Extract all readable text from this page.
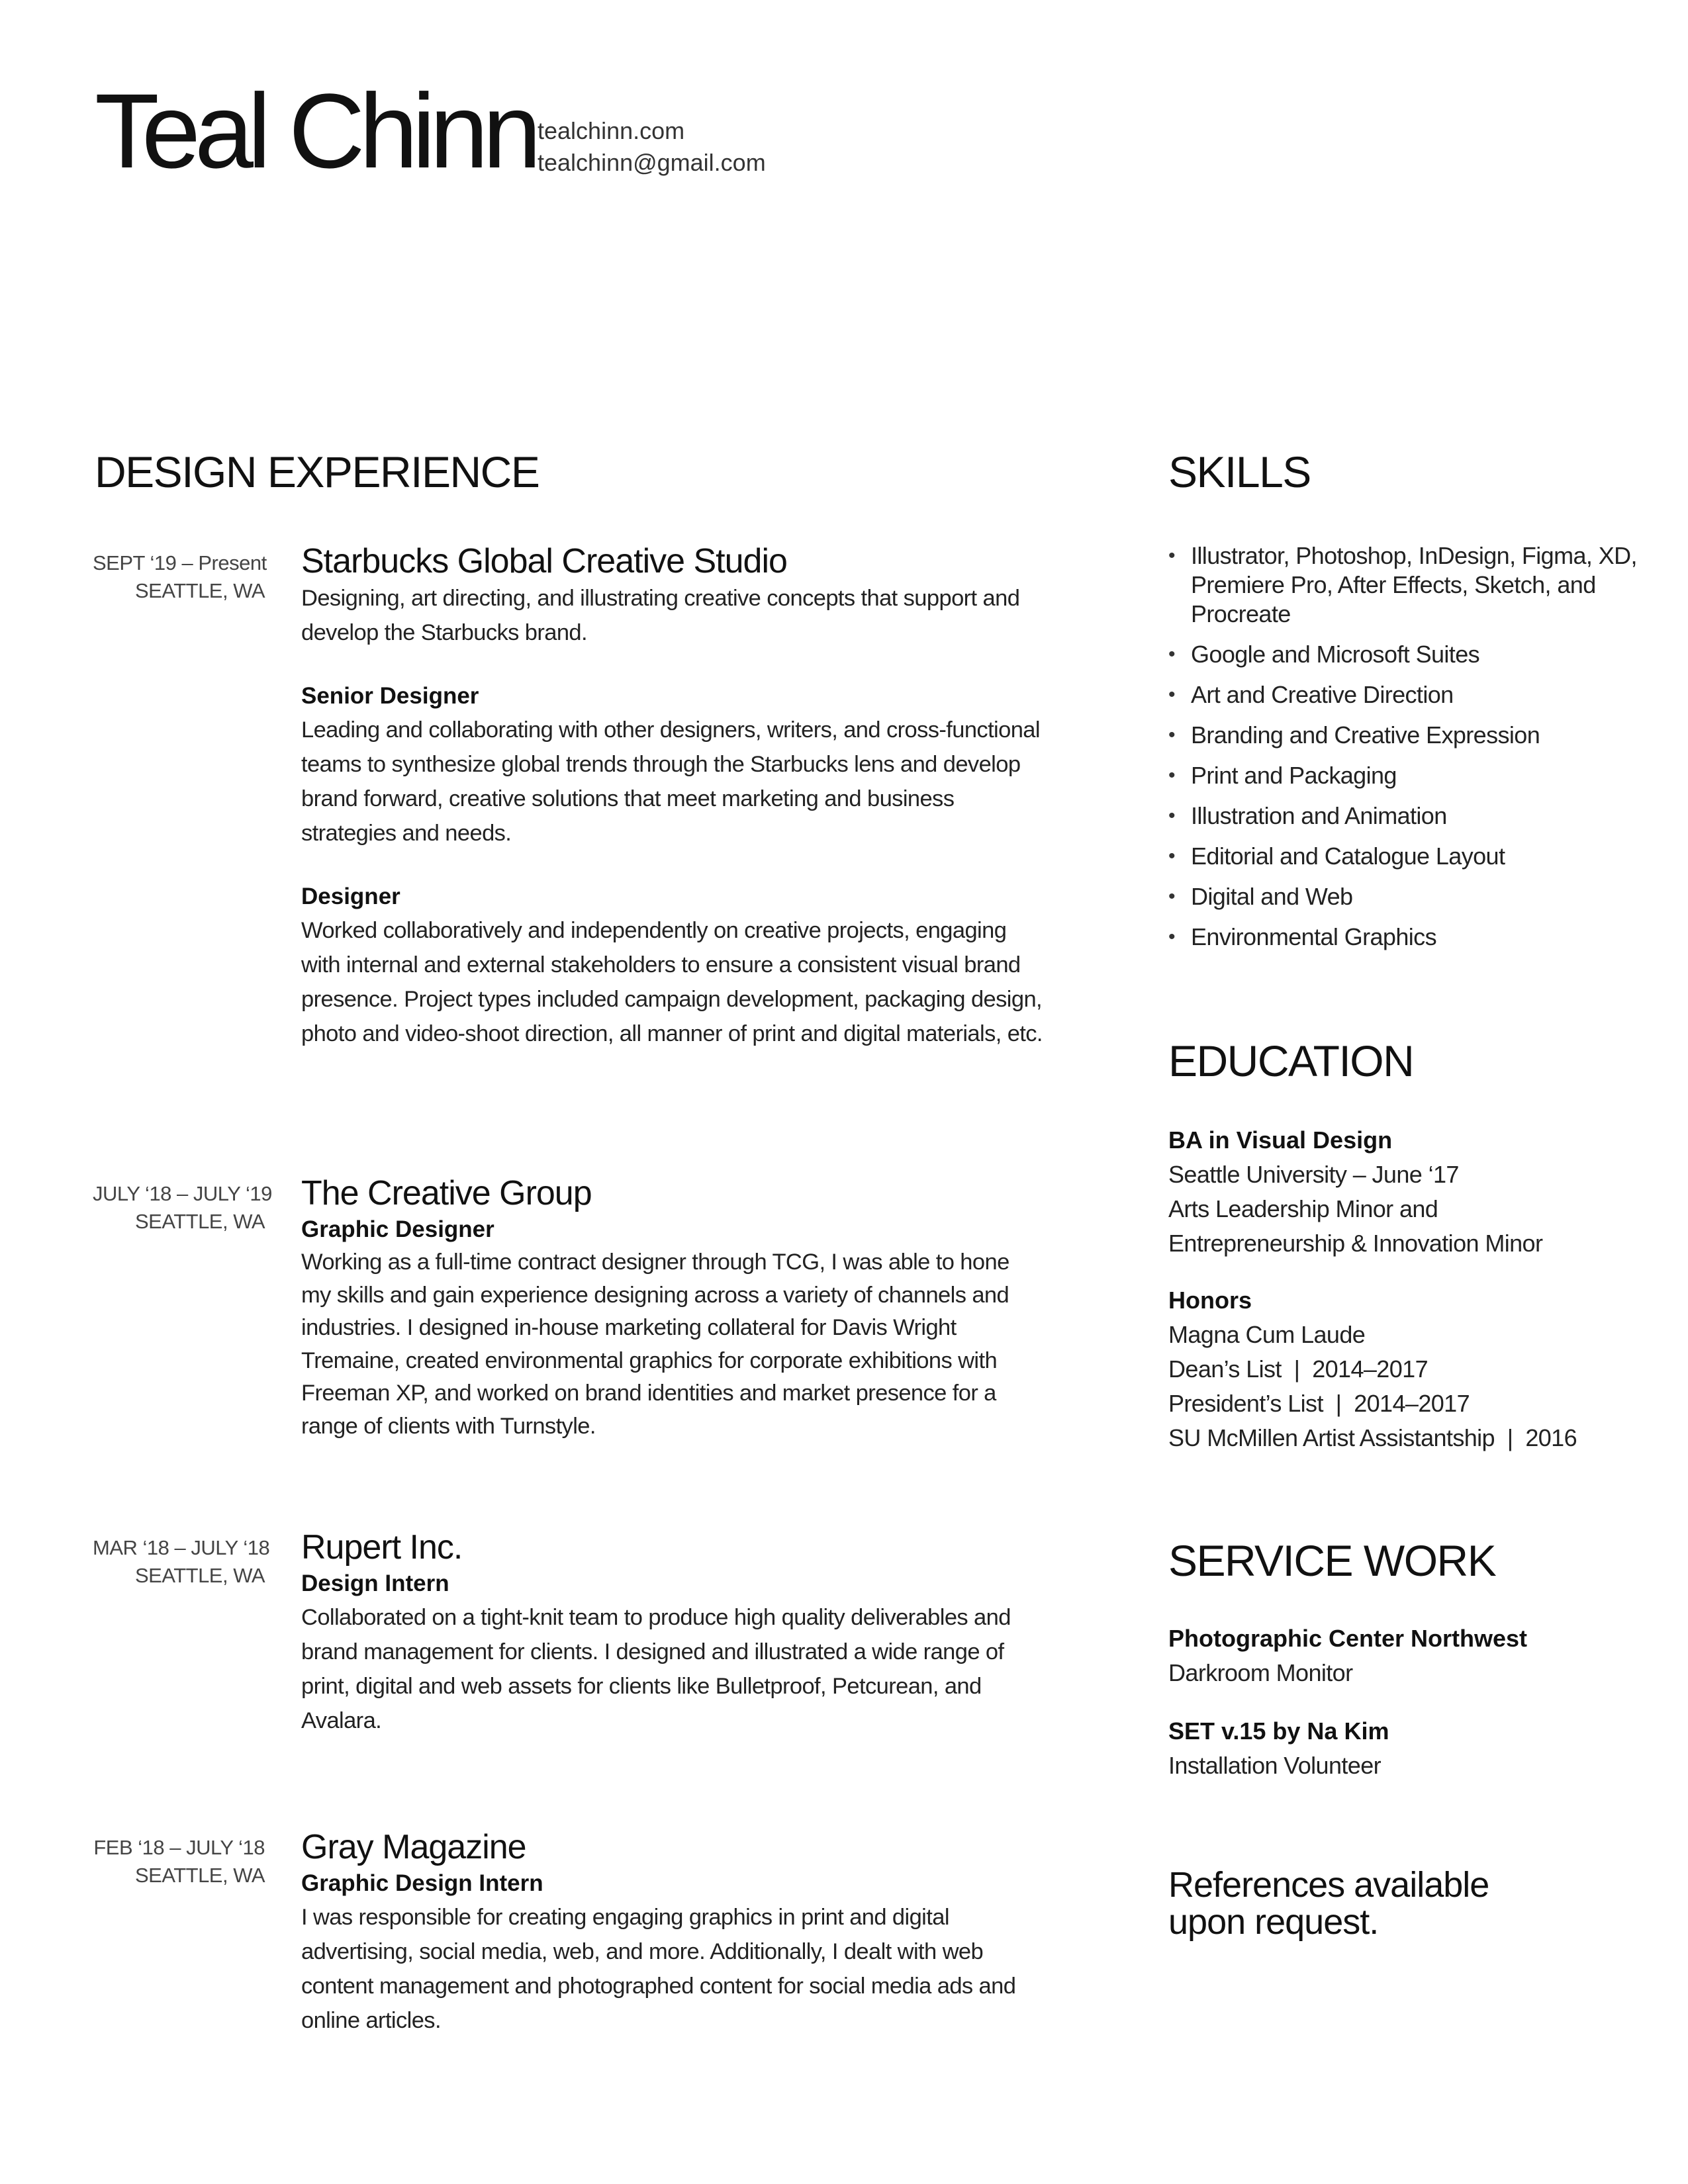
Teal Chinn tealchinn.com
tealchinn@gmail.com
DESIGN EXPERIENCE
SEPT ‘19 – Present
SEATTLE, WA
Starbucks Global Creative Studio

Designing, art directing, and illustrating creative concepts that support and develop the Starbucks brand.

Senior Designer

Leading and collaborating with other designers, writers, and cross-functional teams to synthesize global trends through the Starbucks lens and develop brand forward, creative solutions that meet marketing and business strategies and needs.

Designer

Worked collaboratively and independently on creative projects, engaging with internal and external stakeholders to ensure a consistent visual brand presence. Project types included campaign development, packaging design, photo and video-shoot direction, all manner of print and digital materials, etc.

JULY ‘18 – JULY ‘19
SEATTLE, WA
The Creative Group
Graphic Designer

Working as a full-time contract designer through TCG, I was able to hone my skills and gain experience designing across a variety of channels and industries. I designed in-house marketing collateral for Davis Wright Tremaine, created environmental graphics for corporate exhibitions with Freeman XP, and worked on brand identities and market presence for a range of clients with Turnstyle.

MAR ‘18 – JULY ‘18
SEATTLE, WA
Rupert Inc.
Design Intern

Collaborated on a tight-knit team to produce high quality deliverables and brand management for clients. I designed and illustrated a wide range of print, digital and web assets for clients like Bulletproof, Petcurean, and Avalara.

FEB ‘18 – JULY ‘18
SEATTLE, WA
Gray Magazine
Graphic Design Intern

I was responsible for creating engaging graphics in print and digital advertising, social media, web, and more. Additionally, I dealt with web content management and photographed content for social media ads and online articles.

SKILLS
• Illustrator, Photoshop, InDesign, Figma, XD, Premiere Pro, After Effects, Sketch, and Procreate
• Google and Microsoft Suites
• Art and Creative Direction
• Branding and Creative Expression
• Print and Packaging
• Illustration and Animation
• Editorial and Catalogue Layout
• Digital and Web
• Environmental Graphics
EDUCATION
BA in Visual Design
Seattle University – June ‘17
Arts Leadership Minor and
Entrepreneurship & Innovation Minor
Honors
Magna Cum Laude
Dean’s List  |  2014–2017
President’s List  |  2014–2017
SU McMillen Artist Assistantship  |  2016
SERVICE WORK
Photographic Center Northwest
Darkroom Monitor
SET v.15 by Na Kim
Installation Volunteer
References available
upon request.
